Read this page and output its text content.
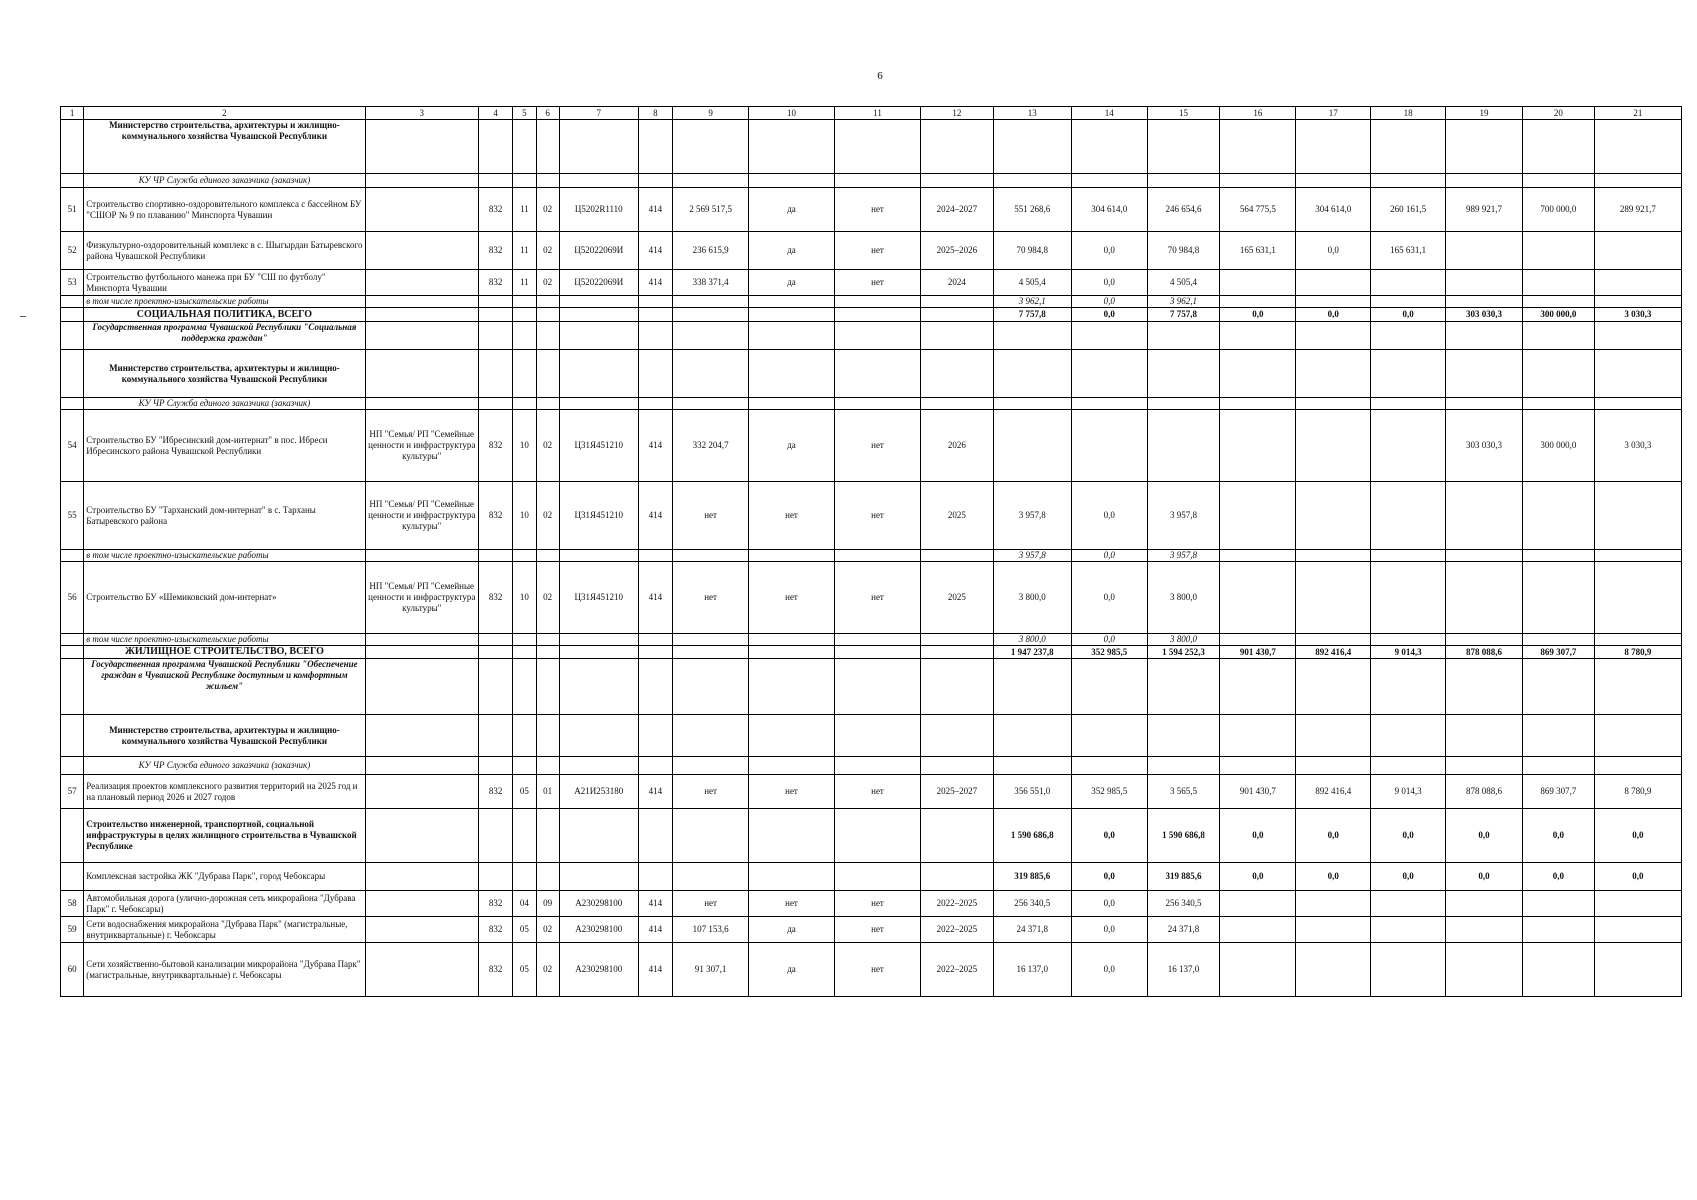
6
1	2	3	4	5	6	7	8	9	10	11	12	13	14	15	16	17	18	19	20	21
	Министерство строительства, архитектуры и жилищно-коммунального хозяйства Чувашской Республики																			
	КУ ЧР Служба единого заказчика (заказчик)																			
51	Строительство спортивно-оздоровительного комплекса с бассейном БУ "СШОР № 9 по плаванию" Минспорта Чувашии		832	11	02	Ц5202R1110	414	2 569 517,5	да	нет	2024–2027	551 268,6	304 614,0	246 654,6	564 775,5	304 614,0	260 161,5	989 921,7	700 000,0	289 921,7
52	Физкультурно-оздоровительный комплекс в с. Шыгырдан Батыревского района Чувашской Республики		832	11	02	Ц52022069И	414	236 615,9	да	нет	2025–2026	70 984,8	0,0	70 984,8	165 631,1	0,0	165 631,1			
53	Строительство футбольного манежа при БУ "СШ по футболу" Минспорта Чувашии		832	11	02	Ц52022069И	414	338 371,4	да	нет	2024	4 505,4	0,0	4 505,4						
	в том числе проектно-изыскательские работы											3 962,1	0,0	3 962,1						
	СОЦИАЛЬНАЯ ПОЛИТИКА, ВСЕГО											7 757,8	0,0	7 757,8	0,0	0,0	0,0	303 030,3	300 000,0	3 030,3
	Государственная программа Чувашской Республики "Социальная поддержка граждан"																			
	Министерство строительства, архитектуры и жилищно-коммунального хозяйства Чувашской Республики																			
	КУ ЧР Служба единого заказчика (заказчик)																			
54	Строительство БУ "Ибресинский дом-интернат" в пос. Ибреси Ибресинского района Чувашской Республики	НП "Семья/ РП "Семейные ценности и инфраструктура культуры"	832	10	02	Ц31Я451210	414	332 204,7	да	нет	2026							303 030,3	300 000,0	3 030,3
55	Строительство БУ "Тарханский дом-интернат" в с. Тарханы Батыревского района	НП "Семья/ РП "Семейные ценности и инфраструктура культуры"	832	10	02	Ц31Я451210	414	нет	нет	нет	2025	3 957,8	0,0	3 957,8						
	в том числе проектно-изыскательские работы											3 957,8	0,0	3 957,8						
56	Строительство БУ «Шемиковский дом-интернат»	НП "Семья/ РП "Семейные ценности и инфраструктура культуры"	832	10	02	Ц31Я451210	414	нет	нет	нет	2025	3 800,0	0,0	3 800,0						
	в том числе проектно-изыскательские работы											3 800,0	0,0	3 800,0						
	ЖИЛИЩНОЕ СТРОИТЕЛЬСТВО, ВСЕГО											1 947 237,8	352 985,5	1 594 252,3	901 430,7	892 416,4	9 014,3	878 088,6	869 307,7	8 780,9
	Государственная программа Чувашской Республики "Обеспечение граждан в Чувашской Республике доступным и комфортным жильем"																			
	Министерство строительства, архитектуры и жилищно-коммунального хозяйства Чувашской Республики																			
	КУ ЧР Служба единого заказчика (заказчик)																			
57	Реализация проектов комплексного развития территорий на 2025 год и на плановый период 2026 и 2027 годов		832	05	01	А21И253180	414	нет	нет	нет	2025–2027	356 551,0	352 985,5	3 565,5	901 430,7	892 416,4	9 014,3	878 088,6	869 307,7	8 780,9
	Строительство инженерной, транспортной, социальной инфраструктуры в целях жилищного строительства в Чувашской Республике											1 590 686,8	0,0	1 590 686,8	0,0	0,0	0,0	0,0	0,0	0,0
	Комплексная застройка ЖК "Дубрава Парк", город Чебоксары											319 885,6	0,0	319 885,6	0,0	0,0	0,0	0,0	0,0	0,0
58	Автомобильная дорога (улично-дорожная сеть микрорайона "Дубрава Парк" г. Чебоксары)		832	04	09	А230298100	414	нет	нет	нет	2022–2025	256 340,5	0,0	256 340,5						
59	Сети водоснабжения микрорайона "Дубрава Парк" (магистральные, внутриквартальные) г. Чебоксары		832	05	02	А230298100	414	107 153,6	да	нет	2022–2025	24 371,8	0,0	24 371,8						
60	Сети хозяйственно-бытовой канализации микрорайона "Дубрава Парк" (магистральные, внутриквартальные) г. Чебоксары		832	05	02	А230298100	414	91 307,1	да	нет	2022–2025	16 137,0	0,0	16 137,0						
